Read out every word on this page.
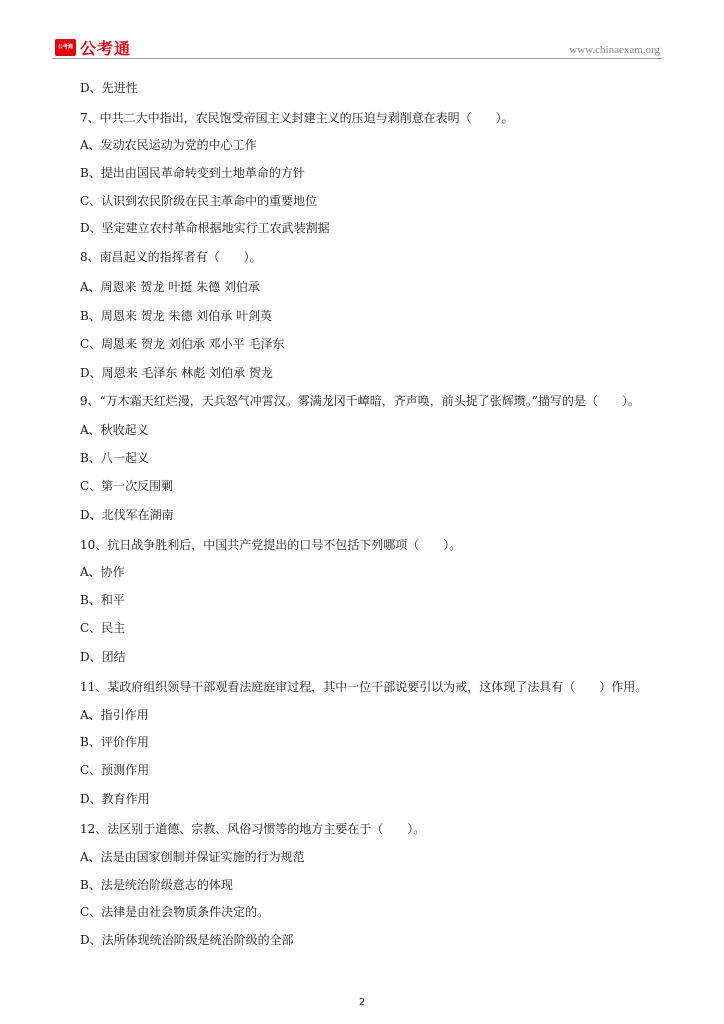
公考通 公考通	www.chinaexam.org
D、先进性
7、中共二大中指出，农民饱受帝国主义封建主义的压迫与剥削意在表明（　　）。
A、发动农民运动为党的中心工作
B、提出由国民革命转变到土地革命的方针
C、认识到农民阶级在民主革命中的重要地位
D、坚定建立农村革命根据地实行工农武装割据
8、南昌起义的指挥者有（　　）。
A、周恩来 贺龙 叶挺 朱德 刘伯承
B、周恩来 贺龙 朱德 刘伯承 叶剑英
C、周恩来 贺龙 刘伯承 邓小平 毛泽东
D、周恩来 毛泽东 林彪 刘伯承 贺龙
9、“万木霜天红烂漫，天兵怒气冲霄汉。雾满龙冈千嶂暗，齐声唤，前头捉了张辉瓒。”描写的是（　　）。
A、秋收起义
B、八一起义
C、第一次反围剿
D、北伐军在湖南
10、抗日战争胜利后，中国共产党提出的口号不包括下列哪项（　　）。
A、协作
B、和平
C、民主
D、团结
11、某政府组织领导干部观看法庭庭审过程，其中一位干部说要引以为戒，这体现了法具有（　　）作用。
A、指引作用
B、评价作用
C、预测作用
D、教育作用
12、法区别于道德、宗教、风俗习惯等的地方主要在于（　　）。
A、法是由国家创制并保证实施的行为规范
B、法是统治阶级意志的体现
C、法律是由社会物质条件决定的。
D、法所体现统治阶级是统治阶级的全部
2
